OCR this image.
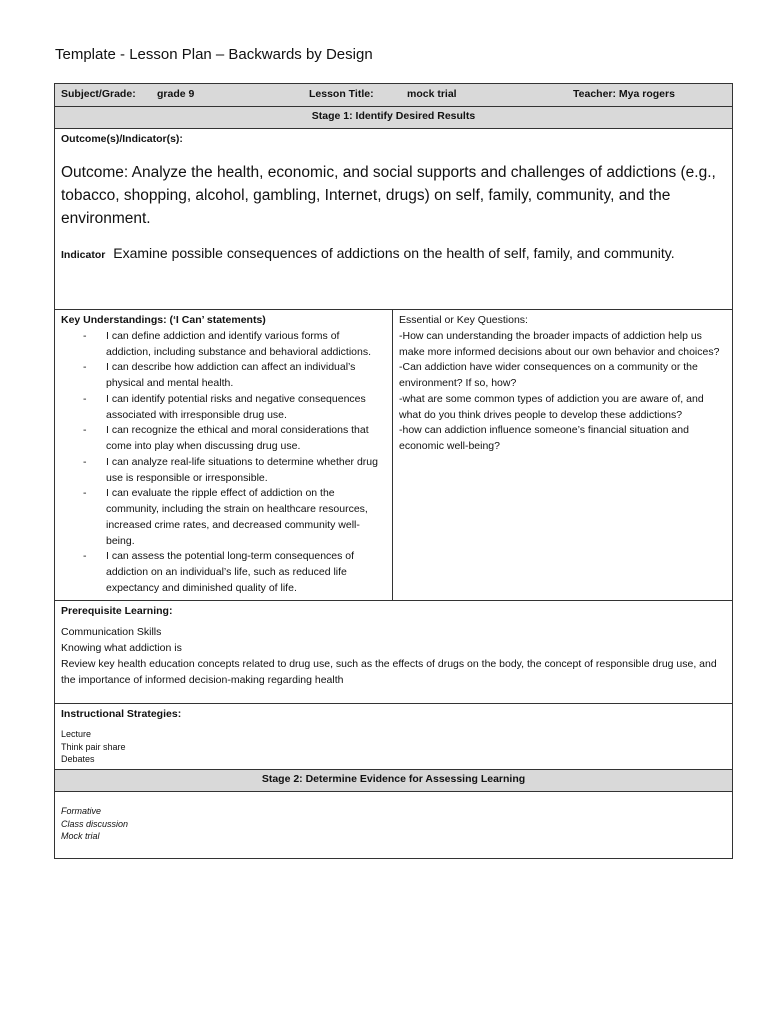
Template - Lesson Plan – Backwards by Design
Subject/Grade:	grade 9	Lesson Title:	mock trial	Teacher: Mya rogers

Stage 1: Identify Desired Results

Outcome(s)/Indicator(s):
Outcome: Analyze the health, economic, and social supports and challenges of addictions (e.g., tobacco, shopping, alcohol, gambling, Internet, drugs) on self, family, community, and the environment.
Indicator Examine possible consequences of addictions on the health of self, family, and community.

Key Understandings: (‘I Can’ statements)
- I can define addiction and identify various forms of addiction, including substance and behavioral addictions.
- I can describe how addiction can affect an individual’s physical and mental health.
- I can identify potential risks and negative consequences associated with irresponsible drug use.
- I can recognize the ethical and moral considerations that come into play when discussing drug use.
- I can analyze real-life situations to determine whether drug use is responsible or irresponsible.
- I can evaluate the ripple effect of addiction on the community, including the strain on healthcare resources, increased crime rates, and decreased community well-being.
- I can assess the potential long-term consequences of addiction on an individual’s life, such as reduced life expectancy and diminished quality of life.

Essential or Key Questions:
-How can understanding the broader impacts of addiction help us make more informed decisions about our own behavior and choices?
-Can addiction have wider consequences on a community or the environment? If so, how?
-what are some common types of addiction you are aware of, and what do you think drives people to develop these addictions?
-how can addiction influence someone’s financial situation and economic well-being?

Prerequisite Learning:
Communication Skills
Knowing what addiction is
Review key health education concepts related to drug use, such as the effects of drugs on the body, the concept of responsible drug use, and the importance of informed decision-making regarding health

Instructional Strategies:
Lecture
Think pair share
Debates

Stage 2: Determine Evidence for Assessing Learning

Formative
Class discussion
Mock trial
